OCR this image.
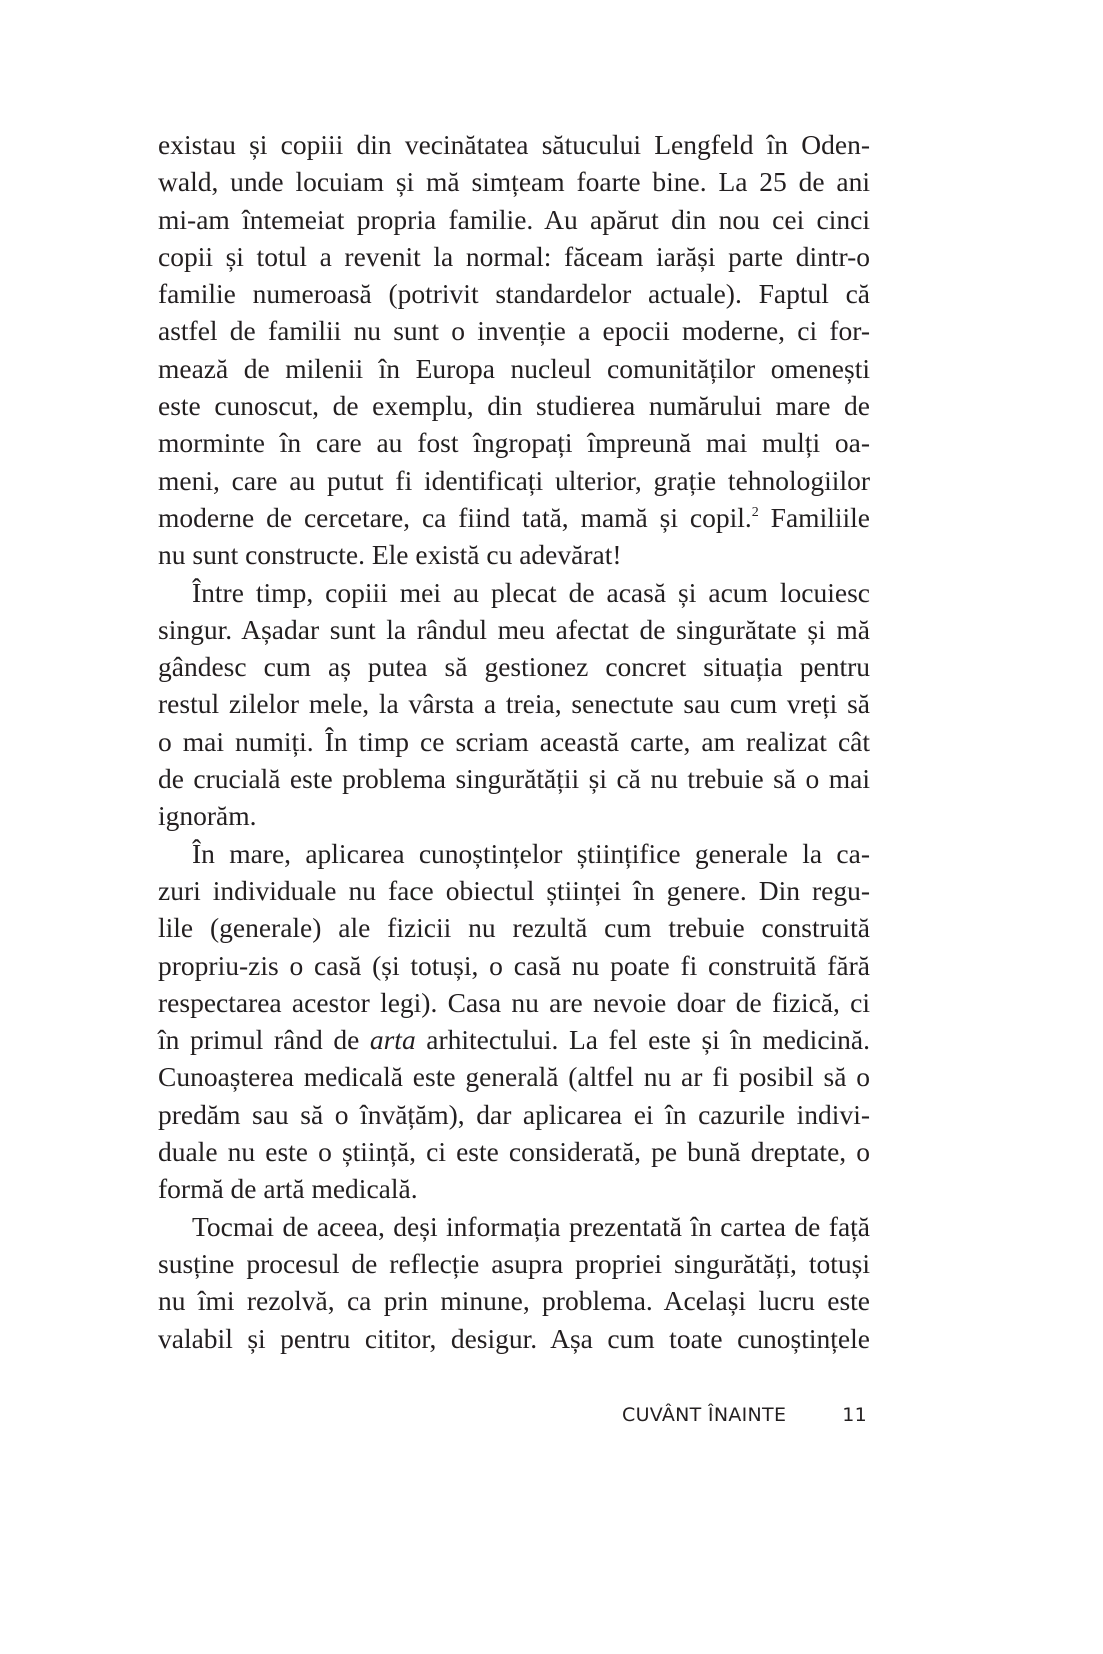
existau și copiii din vecinătatea sătucului Lengfeld în Oden-
wald, unde locuiam și mă simțeam foarte bine. La 25 de ani
mi-am întemeiat propria familie. Au apărut din nou cei cinci
copii și totul a revenit la normal: făceam iarăși parte dintr-o
familie numeroasă (potrivit standardelor actuale). Faptul că
astfel de familii nu sunt o invenție a epocii moderne, ci for-
mează de milenii în Europa nucleul comunităților omenești
este cunoscut, de exemplu, din studierea numărului mare de
morminte în care au fost îngropați împreună mai mulți oa-
meni, care au putut fi identificați ulterior, grație tehnologiilor
moderne de cercetare, ca fiind tată, mamă și copil.$^2$ Familiile
nu sunt constructe. Ele există cu adevărat!
Între timp, copiii mei au plecat de acasă și acum locuiesc
singur. Așadar sunt la rândul meu afectat de singurătate și mă
gândesc cum aș putea să gestionez concret situația pentru
restul zilelor mele, la vârsta a treia, senectute sau cum vreți să
o mai numiți. În timp ce scriam această carte, am realizat cât
de crucială este problema singurătății și că nu trebuie să o mai
ignorăm.
În mare, aplicarea cunoștințelor științifice generale la ca-
zuri individuale nu face obiectul științei în genere. Din regu-
lile (generale) ale fizicii nu rezultă cum trebuie construită
propriu-zis o casă (și totuși, o casă nu poate fi construită fără
respectarea acestor legi). Casa nu are nevoie doar de fizică, ci
în primul rând de arta arhitectului. La fel este și în medicină.
Cunoașterea medicală este generală (altfel nu ar fi posibil să o
predăm sau să o învățăm), dar aplicarea ei în cazurile indivi-
duale nu este o știință, ci este considerată, pe bună dreptate, o
formă de artă medicală.
Tocmai de aceea, deși informația prezentată în cartea de față
susține procesul de reflecție asupra propriei singurătăți, totuși
nu îmi rezolvă, ca prin minune, problema. Același lucru este
valabil și pentru cititor, desigur. Așa cum toate cunoștințele
CUVÂNT ÎNAINTE	11
